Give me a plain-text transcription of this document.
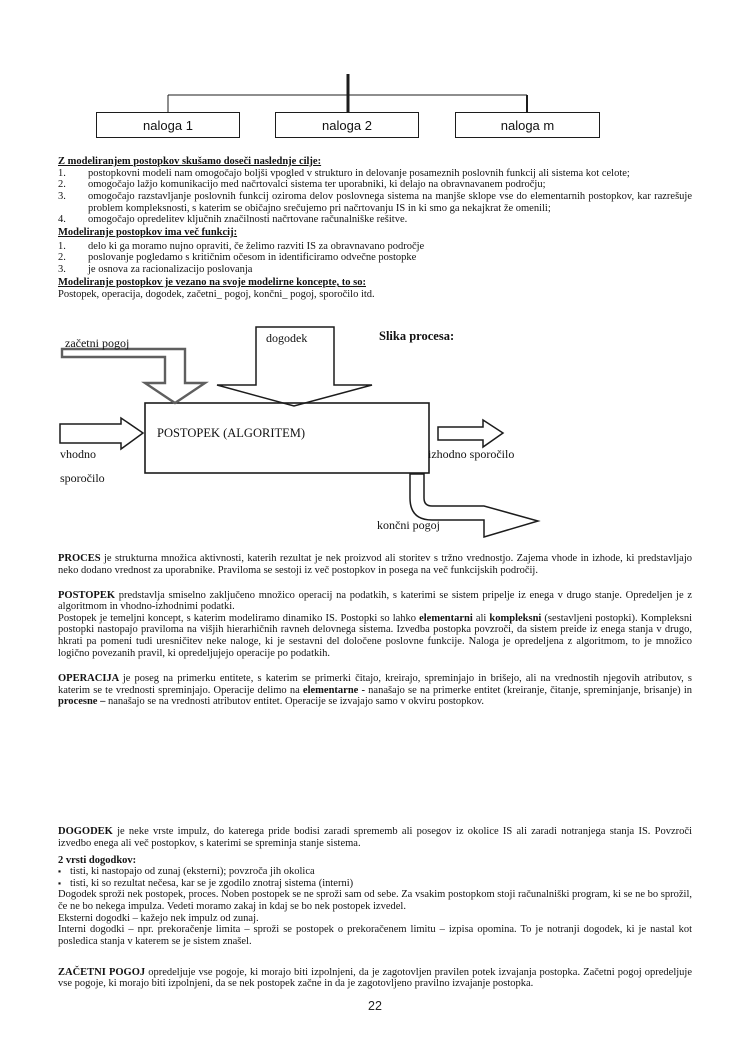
naloga 1	naloga 2	naloga m
Z modeliranjem postopkov skušamo doseči naslednje cilje:
1.	postopkovni modeli nam omogočajo boljši vpogled v strukturo in delovanje posameznih poslovnih funkcij ali sistema kot celote;
2.	omogočajo lažjo komunikacijo med načrtovalci sistema ter uporabniki, ki delajo na obravnavanem področju;
3.	omogočajo razstavljanje poslovnih funkcij oziroma delov poslovnega sistema na manjše sklope vse do elementarnih postopkov, kar razrešuje problem kompleksnosti, s katerim se običajno srečujemo pri načrtovanju IS in ki smo ga nekajkrat že omenili;
4.	omogočajo opredelitev ključnih značilnosti načrtovane računalniške rešitve.
Modeliranje postopkov ima več funkcij:
1.	delo ki ga moramo nujno opraviti, če želimo razviti IS za obravnavano področje
2.	poslovanje pogledamo s kritičnim očesom in identificiramo odvečne postopke
3.	je osnova za racionalizacijo poslovanja
Modeliranje postopkov je vezano na svoje modelirne koncepte, to so:
Postopek, operacija, dogodek, začetni_ pogoj, končni_ pogoj, sporočilo itd.
začetni pogoj	dogodek	Slika procesa:
POSTOPEK (ALGORITEM)
vhodno
sporočilo
izhodno sporočilo
končni pogoj
PROCES je strukturna množica aktivnosti, katerih rezultat je nek proizvod ali storitev s tržno vrednostjo. Zajema vhode in izhode, ki predstavljajo neko dodano vrednost za uporabnike. Praviloma se sestoji iz več postopkov in posega na več funkcijskih področij.
POSTOPEK predstavlja smiselno zaključeno množico operacij na podatkih, s katerimi se sistem pripelje iz enega v drugo stanje. Opredeljen je z algoritmom in vhodno-izhodnimi podatki.
Postopek je temeljni koncept, s katerim modeliramo dinamiko IS. Postopki so lahko elementarni ali kompleksni (sestavljeni postopki). Kompleksni postopki nastopajo praviloma na višjih hierarhičnih ravneh delovnega sistema. Izvedba postopka povzroči, da sistem preide iz enega stanja v drugo, hkrati pa pomeni tudi uresničitev neke naloge, ki je sestavni del določene poslovne funkcije. Naloga je opredeljena z algoritmom, to je množico logično povezanih pravil, ki opredeljujejo operacije po podatkih.
OPERACIJA je poseg na primerku entitete, s katerim se primerki čitajo, kreirajo, spreminjajo in brišejo, ali na vrednostih njegovih atributov, s katerim se te vrednosti spreminjajo. Operacije delimo na elementarne - nanašajo se na primerke entitet (kreiranje, čitanje, spreminjanje, brisanje) in procesne – nanašajo se na vrednosti atributov entitet. Operacije se izvajajo samo v okviru postopkov.
DOGODEK je neke vrste impulz, do katerega pride bodisi zaradi sprememb ali posegov iz okolice IS ali zaradi notranjega stanja IS. Povzroči izvedbo enega ali več postopkov, s katerimi se spreminja stanje sistema.
2 vrsti dogodkov:
▪ tisti, ki nastopajo od zunaj (eksterni); povzroča jih okolica
▪ tisti, ki so rezultat nečesa, kar se je zgodilo znotraj sistema (interni)
Dogodek sproži nek postopek, proces. Noben postopek se ne sproži sam od sebe. Za vsakim postopkom stoji računalniški program, ki se ne bo sprožil, če ne bo nekega impulza. Vedeti moramo zakaj in kdaj se bo nek postopek izvedel.
Eksterni dogodki – kažejo nek impulz od zunaj.
Interni dogodki – npr. prekoračenje limita – sproži se postopek o prekoračenem limitu – izpisa opomina. To je notranji dogodek, ki je nastal kot posledica stanja v katerem se je sistem znašel.
ZAČETNI POGOJ opredeljuje vse pogoje, ki morajo biti izpolnjeni, da je zagotovljen pravilen potek izvajanja postopka. Začetni pogoj opredeljuje vse pogoje, ki morajo biti izpolnjeni, da se nek postopek začne in da je zagotovljeno pravilno izvajanje postopka.
22
